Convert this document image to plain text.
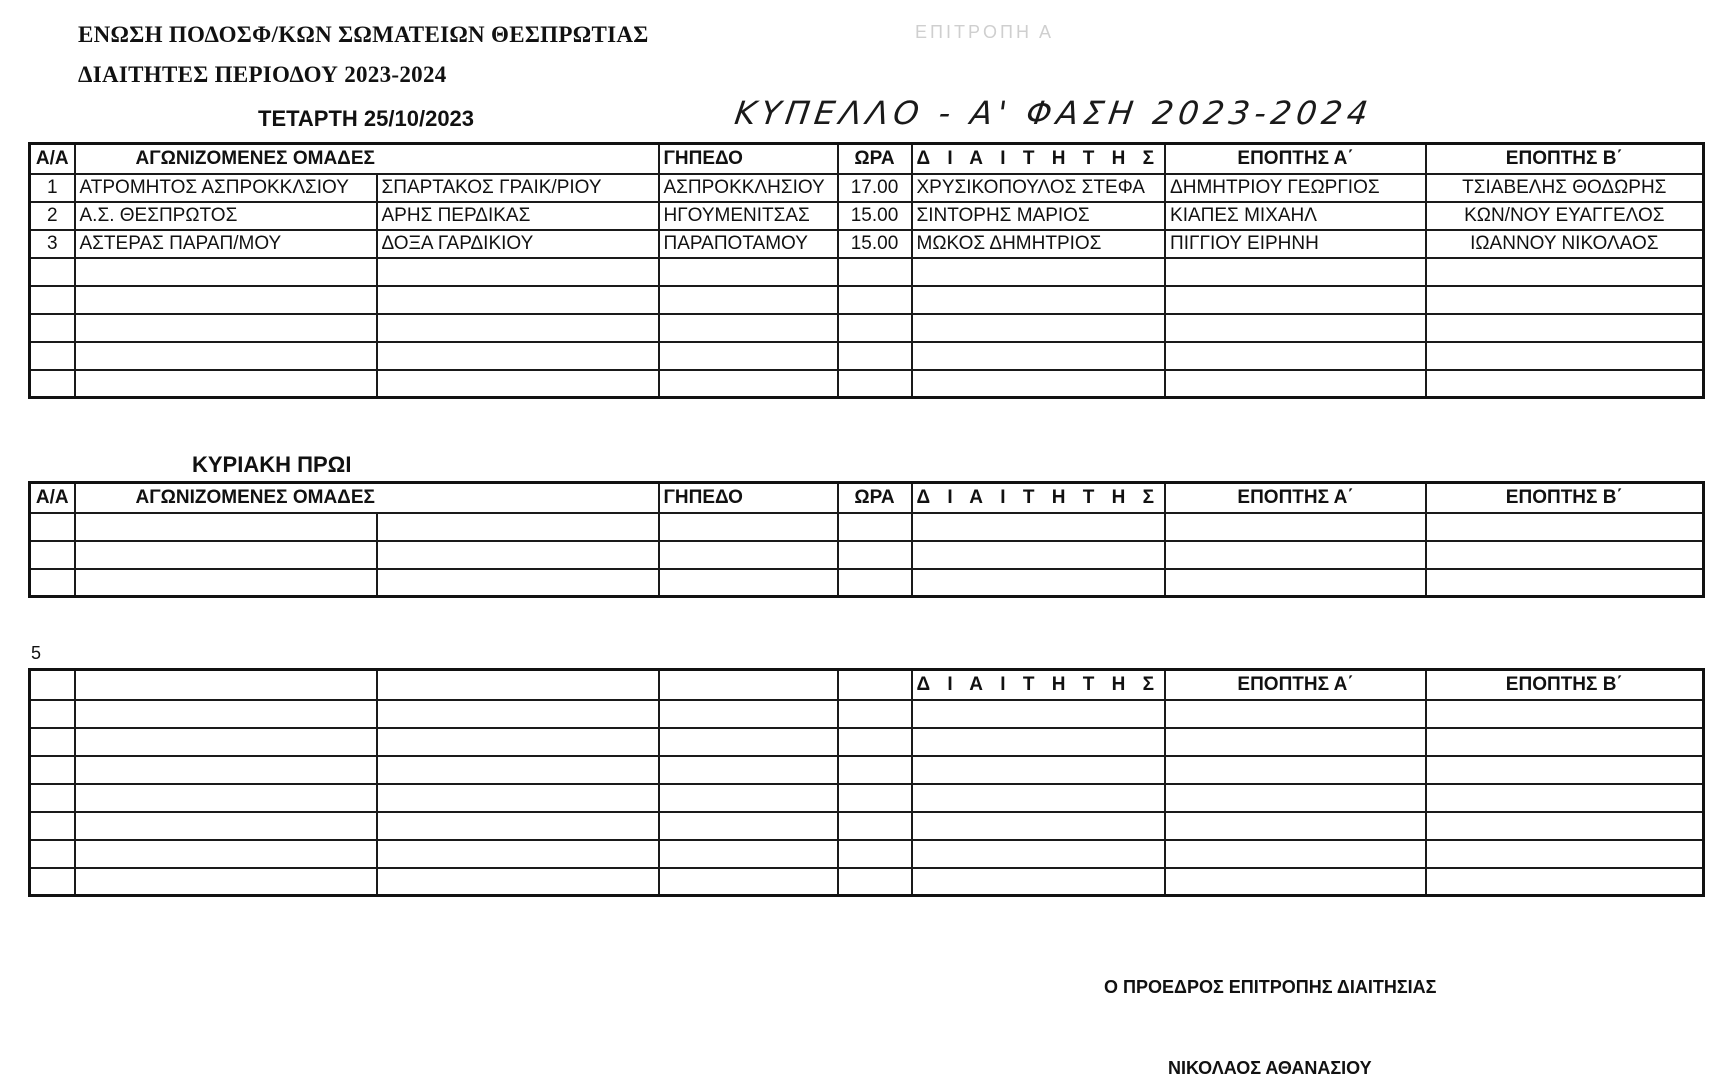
ΕΝΩΣΗ ΠΟΔΟΣΦ/ΚΩΝ ΣΩΜΑΤΕΙΩΝ ΘΕΣΠΡΩΤΙΑΣ
ΔΙΑΙΤΗΤΕΣ ΠΕΡΙΟΔΟΥ 2023-2024
ΕΠΙΤΡΟΠΗ Α
ΤΕΤΑΡΤΗ 25/10/2023	ΚΥΠΕΛΛΟ - Α' ΦΑΣΗ 2023-2024
Α/Α	ΑΓΩΝΙΖΟΜΕΝΕΣ ΟΜΑΔΕΣ		ΓΗΠΕΔΟ	ΩΡΑ	Δ Ι Α Ι Τ Η Τ Η Σ	ΕΠΟΠΤΗΣ Α΄	ΕΠΟΠΤΗΣ Β΄
1	ΑΤΡΟΜΗΤΟΣ ΑΣΠΡΟΚΚΛΣΙΟΥ	ΣΠΑΡΤΑΚΟΣ ΓΡΑΙΚ/ΡΙΟΥ	ΑΣΠΡΟΚΚΛΗΣΙΟΥ	17.00	ΧΡΥΣΙΚΟΠΟΥΛΟΣ ΣΤΕΦΑ	ΔΗΜΗΤΡΙΟΥ ΓΕΩΡΓΙΟΣ	ΤΣΙΑΒΕΛΗΣ ΘΟΔΩΡΗΣ
2	Α.Σ. ΘΕΣΠΡΩΤΟΣ	ΑΡΗΣ ΠΕΡΔΙΚΑΣ	ΗΓΟΥΜΕΝΙΤΣΑΣ	15.00	ΣΙΝΤΟΡΗΣ ΜΑΡΙΟΣ	ΚΙΑΠΕΣ ΜΙΧΑΗΛ	ΚΩΝ/ΝΟΥ ΕΥΑΓΓΕΛΟΣ
3	ΑΣΤΕΡΑΣ ΠΑΡΑΠ/ΜΟΥ	ΔΟΞΑ ΓΑΡΔΙΚΙΟΥ	ΠΑΡΑΠΟΤΑΜΟΥ	15.00	ΜΩΚΟΣ ΔΗΜΗΤΡΙΟΣ	ΠΙΓΓΙΟΥ ΕΙΡΗΝΗ	ΙΩΑΝΝΟΥ ΝΙΚΟΛΑΟΣ

ΚΥΡΙΑΚΗ ΠΡΩΙ
Α/Α	ΑΓΩΝΙΖΟΜΕΝΕΣ ΟΜΑΔΕΣ		ΓΗΠΕΔΟ	ΩΡΑ	Δ Ι Α Ι Τ Η Τ Η Σ	ΕΠΟΠΤΗΣ Α΄	ΕΠΟΠΤΗΣ Β΄

5
					Δ Ι Α Ι Τ Η Τ Η Σ	ΕΠΟΠΤΗΣ Α΄	ΕΠΟΠΤΗΣ Β΄

Ο ΠΡΟΕΔΡΟΣ ΕΠΙΤΡΟΠΗΣ ΔΙΑΙΤΗΣΙΑΣ
ΝΙΚΟΛΑΟΣ ΑΘΑΝΑΣΙΟΥ
